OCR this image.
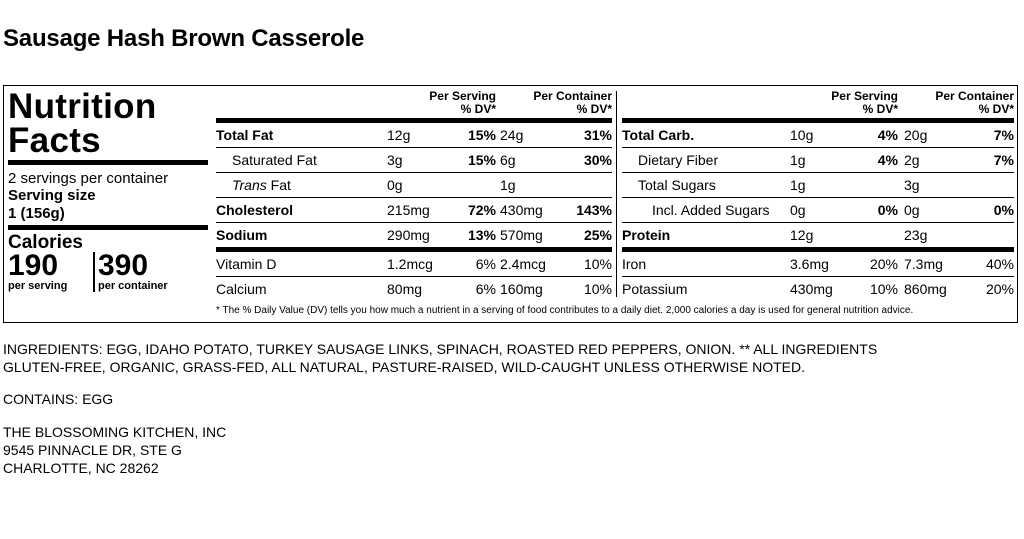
Sausage Hash Brown Casserole
Nutrition Facts
2 servings per container
Serving size
1 (156g)
Calories
190
per serving
390
per container
Per Serving
% DV*
Per Container
% DV*
Total Fat	12g	15% 24g	31%
Saturated Fat	3g	15% 6g	30%
Trans Fat	0g	1g
Cholesterol	215mg	72% 430mg 143%
Sodium	290mg	13% 570mg	25%
Vitamin D	1.2mcg	6% 2.4mcg	10%
Calcium	80mg	6% 160mg	10%
Per Serving
% DV*
Per Container
% DV*
Total Carb.	10g	4% 20g	7%
Dietary Fiber	1g	4% 2g	7%
Total Sugars	1g	3g
Incl. Added Sugars 0g	0% 0g	0%
Protein	12g	23g
Iron	3.6mg	20% 7.3mg	40%
Potassium	430mg	10% 860mg	20%
* The % Daily Value (DV) tells you how much a nutrient in a serving of food contributes to a daily diet. 2,000 calories a day is used for general nutrition advice.
INGREDIENTS: EGG, IDAHO POTATO, TURKEY SAUSAGE LINKS, SPINACH, ROASTED RED PEPPERS, ONION. ** ALL INGREDIENTS
GLUTEN-FREE, ORGANIC, GRASS-FED, ALL NATURAL, PASTURE-RAISED, WILD-CAUGHT UNLESS OTHERWISE NOTED.
CONTAINS: EGG
THE BLOSSOMING KITCHEN, INC
9545 PINNACLE DR, STE G
CHARLOTTE, NC 28262
